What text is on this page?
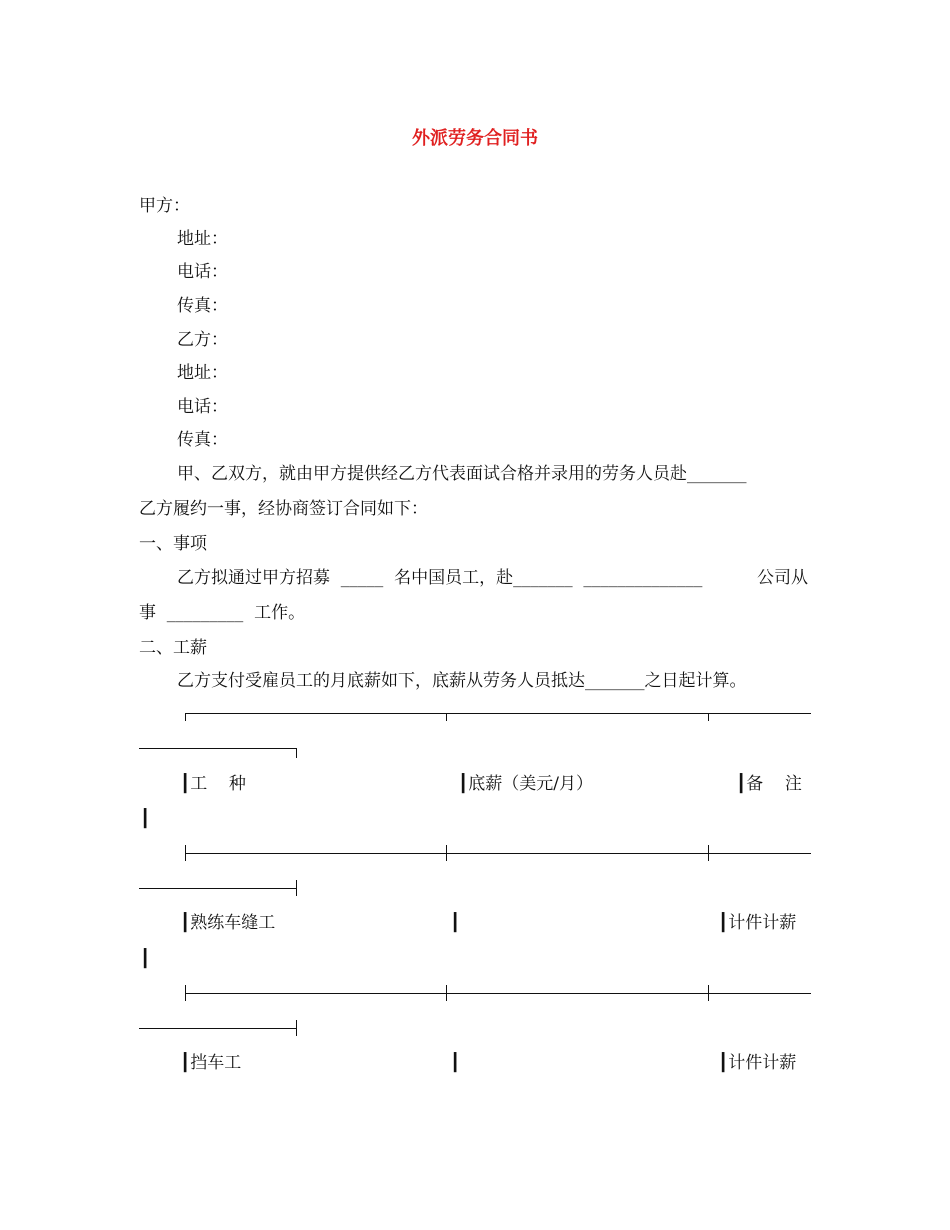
外派劳务合同书
甲方：
地址：
电话：
传真：
乙方：
地址：
电话：
传真：
甲、乙双方，就由甲方提供经乙方代表面试合格并录用的劳务人员赴_______
乙方履约一事，经协商签订合同如下：
一、事项
乙方拟通过甲方招募  _____  名中国员工，赴_______  ______________	公司从
事  _________  工作。
二、工薪
乙方支付受雇员工的月底薪如下，底薪从劳务人员抵达_______之日起计算。
┃工    种	┃底薪（美元/月）	┃备    注
┃
┃熟练车缝工	┃	┃计件计薪
┃
┃挡车工	┃	┃计件计薪
